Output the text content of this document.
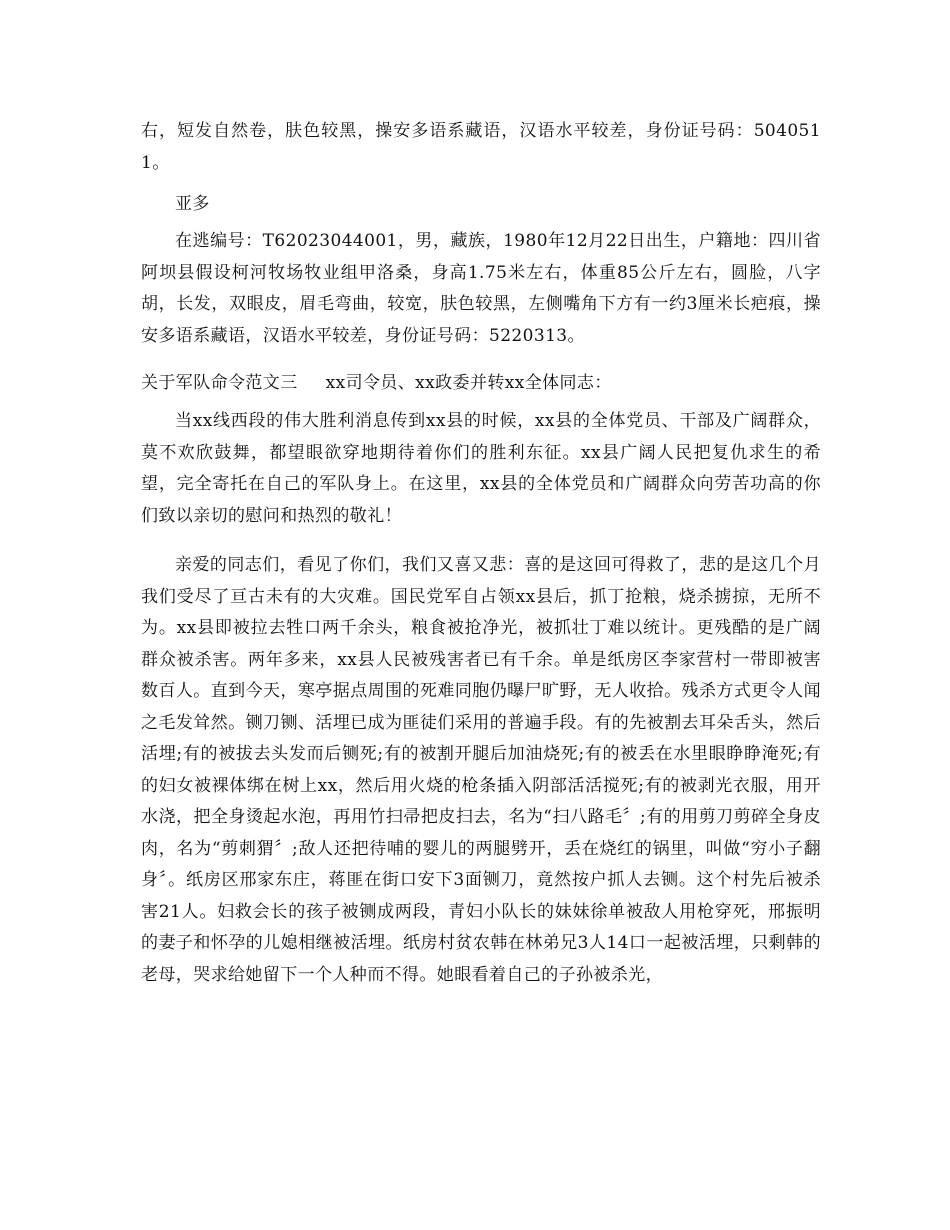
右，短发自然卷，肤色较黑，操安多语系藏语，汉语水平较差，身份证号码：5040511。
亚多
在逃编号：T62023044001，男，藏族，1980年12月22日出生，户籍地：四川省阿坝县假设柯河牧场牧业组甲洛桑，身高1.75米左右，体重85公斤左右，圆脸，八字胡，长发，双眼皮，眉毛弯曲，较宽，肤色较黑，左侧嘴角下方有一约3厘米长疤痕，操安多语系藏语，汉语水平较差，身份证号码：5220313。
关于军队命令范文三 xx司令员、xx政委并转xx全体同志：
当xx线西段的伟大胜利消息传到xx县的时候，xx县的全体党员、干部及广阔群众，莫不欢欣鼓舞，都望眼欲穿地期待着你们的胜利东征。xx县广阔人民把复仇求生的希望，完全寄托在自己的军队身上。在这里，xx县的全体党员和广阔群众向劳苦功高的你们致以亲切的慰问和热烈的敬礼！
亲爱的同志们，看见了你们，我们又喜又悲：喜的是这回可得救了，悲的是这几个月我们受尽了亘古未有的大灾难。国民党军自占领xx县后，抓丁抢粮，烧杀掳掠，无所不为。xx县即被拉去牲口两千余头，粮食被抢净光，被抓壮丁难以统计。更残酷的是广阔群众被杀害。两年多来，xx县人民被残害者已有千余。单是纸房区李家营村一带即被害数百人。直到今天，寒亭据点周围的死难同胞仍曝尸旷野，无人收拾。残杀方式更令人闻之毛发耸然。铡刀铡、活埋已成为匪徒们采用的普遍手段。有的先被割去耳朵舌头，然后活埋;有的被拔去头发而后铡死;有的被割开腿后加油烧死;有的被丢在水里眼睁睁淹死;有的妇女被裸体绑在树上xx，然后用火烧的枪条插入阴部活活搅死;有的被剥光衣服，用开水浇，把全身烫起水泡，再用竹扫帚把皮扫去，名为“扫八路毛〞;有的用剪刀剪碎全身皮肉，名为“剪刺猬〞;敌人还把待哺的婴儿的两腿劈开，丢在烧红的锅里，叫做“穷小子翻身〞。纸房区邢家东庄，蒋匪在街口安下3面铡刀，竟然按户抓人去铡。这个村先后被杀害21人。妇救会长的孩子被铡成两段，青妇小队长的妹妹徐单被敌人用枪穿死，邢振明的妻子和怀孕的儿媳相继被活埋。纸房村贫农韩在林弟兄3人14口一起被活埋，只剩韩的老母，哭求给她留下一个人种而不得。她眼看着自己的子孙被杀光，
